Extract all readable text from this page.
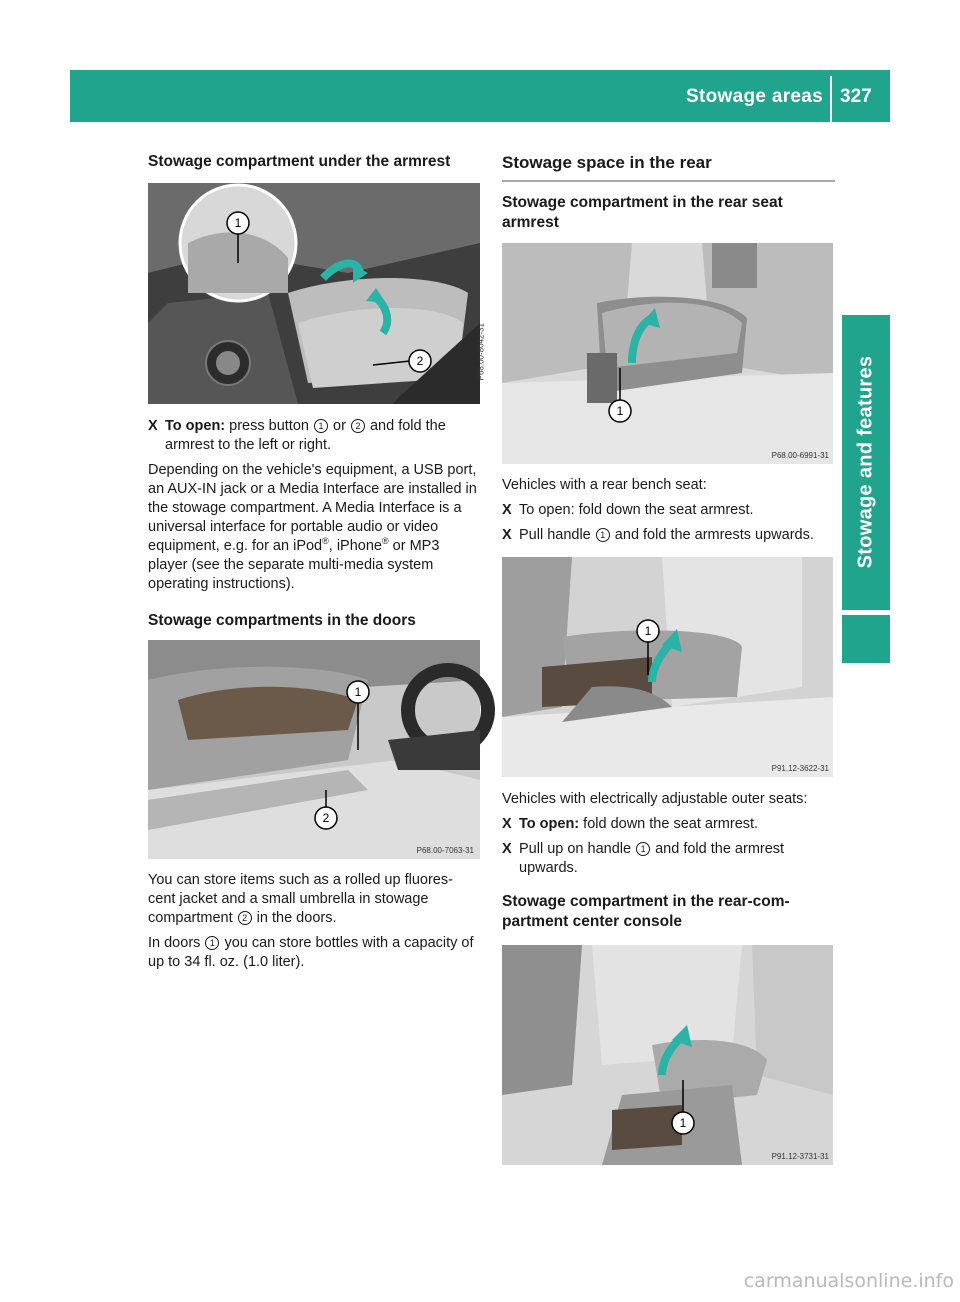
Stowage areas 327
Stowage and features
Stowage compartment under the armrest
1
2	P68.00-8042-31
X To open: press button 1 or 2 and fold the armrest to the left or right.

Depending on the vehicle's equipment, a USB port, an AUX-IN jack or a Media Interface are installed in the stowage compartment. A Media Interface is a universal interface for portable audio or video equipment, e.g. for an iPod®, iPhone® or MP3 player (see the separate multi-media system operating instructions).

Stowage compartments in the doors
1
2
P68.00-7063-31

You can store items such as a rolled up fluores-cent jacket and a small umbrella in stowage compartment 2 in the doors.

In doors 1 you can store bottles with a capacity of up to 34 fl. oz. (1.0 liter).

Stowage space in the rear
Stowage compartment in the rear seat armrest
1
P68.00-6991-31

Vehicles with a rear bench seat:

X To open: fold down the seat armrest.
X Pull handle 1 and fold the armrests upwards.
1
P91.12-3622-31

Vehicles with electrically adjustable outer seats:

X To open: fold down the seat armrest.
X Pull up on handle 1 and fold the armrest upwards.
Stowage compartment in the rear-com-partment center console
1
P91.12-3731-31
carmanualsonline.info
